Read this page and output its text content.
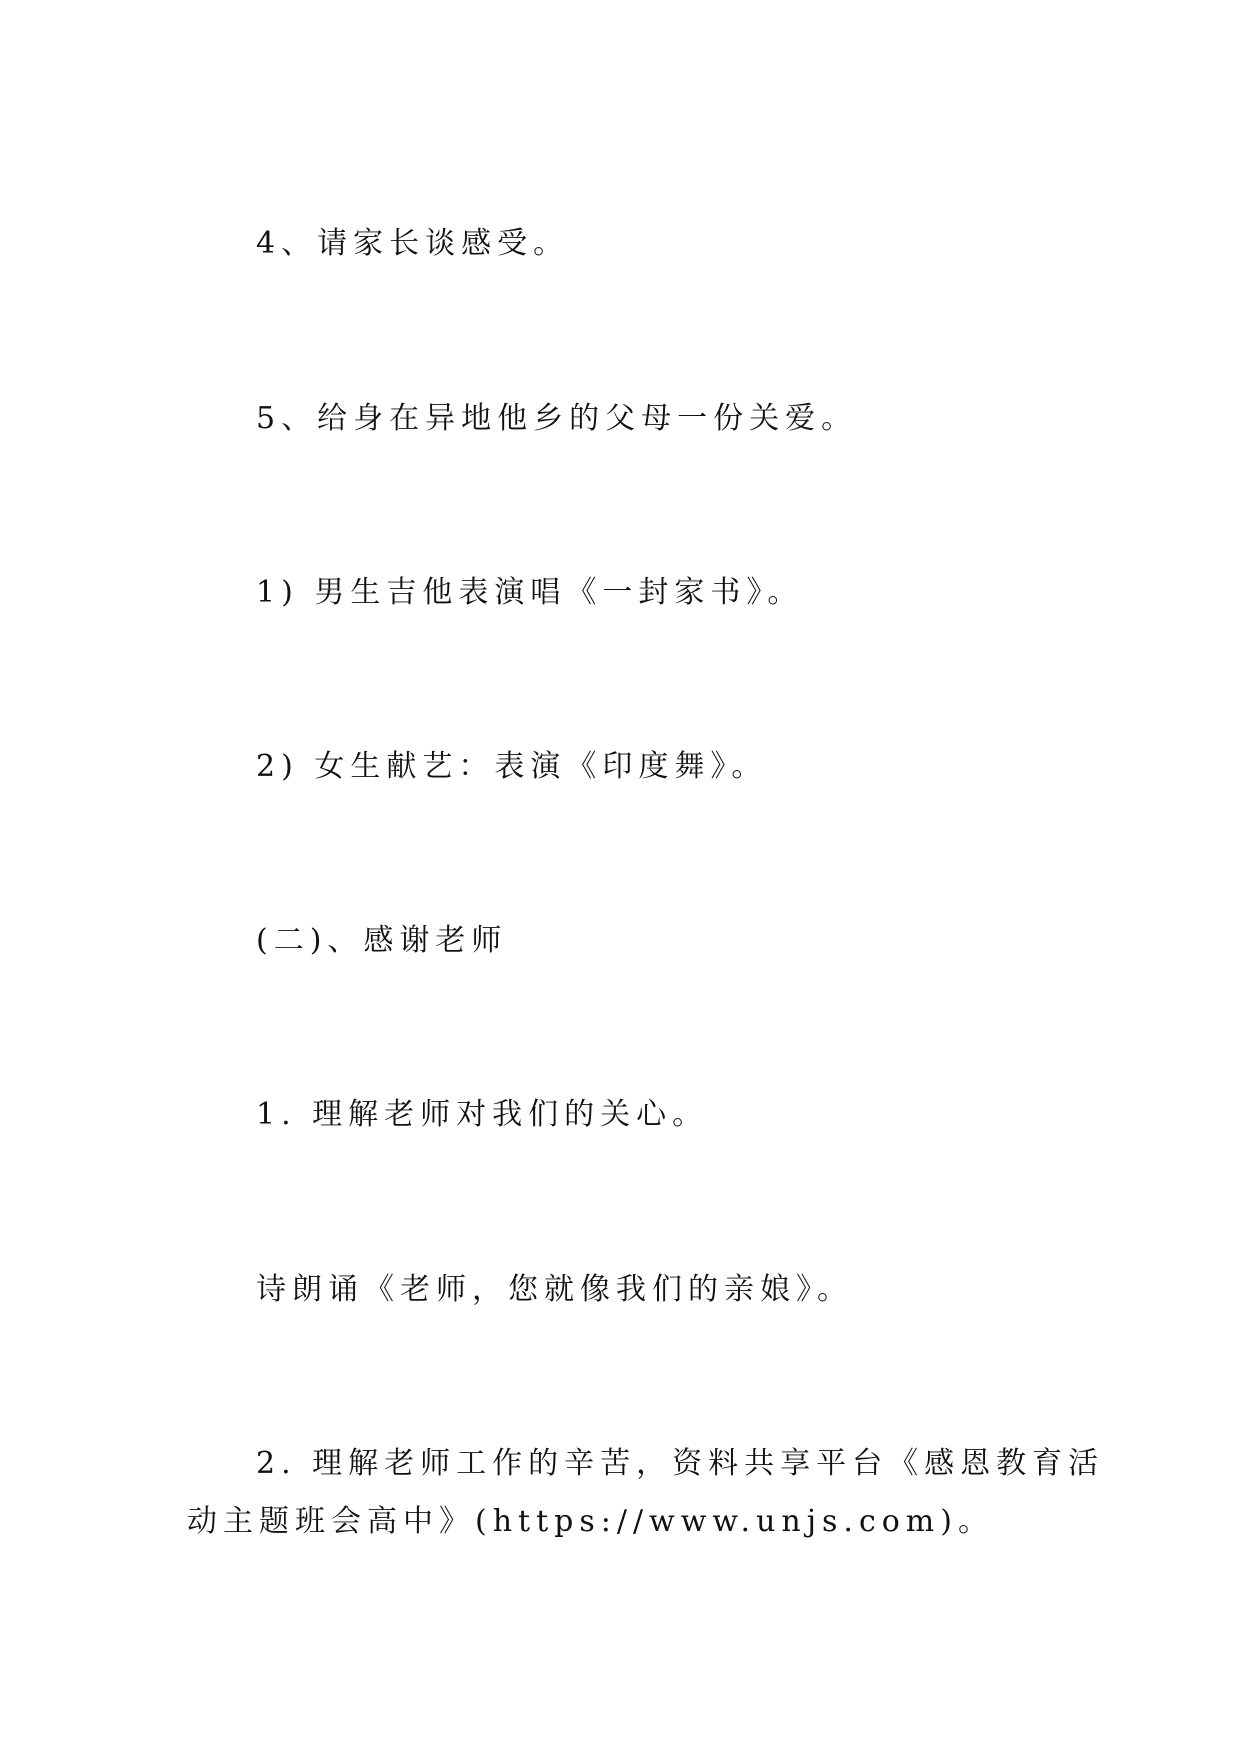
4、请家长谈感受。
5、给身在异地他乡的父母一份关爱。
1) 男生吉他表演唱《一封家书》。
2) 女生献艺：表演《印度舞》。
(二)、感谢老师
1. 理解老师对我们的关心。
诗朗诵《老师，您就像我们的亲娘》。
2. 理解老师工作的辛苦，资料共享平台《感恩教育活
动主题班会高中》(https://www.unjs.com)。
